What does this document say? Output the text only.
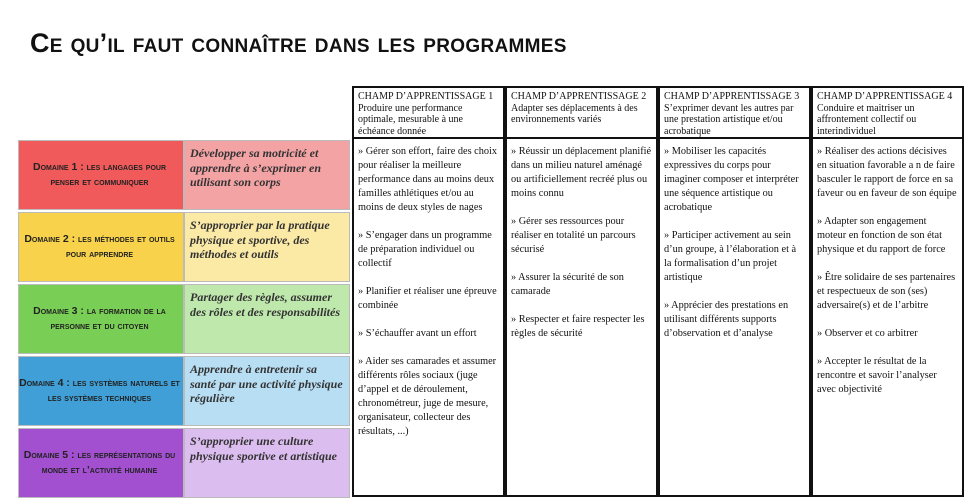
Ce qu’il faut connaître dans les programmes
Domaine 1 : les langages pour penser et communiquer
Développer sa motricité et apprendre à s’exprimer en utilisant son corps
Domaine 2 : les méthodes et outils pour apprendre
S’approprier par la pratique physique et sportive, des méthodes et outils
Domaine 3 : la formation de la personne et du citoyen
Partager des règles, assumer des rôles et des responsabilités
Domaine 4 : les systèmes naturels et les systèmes techniques
Apprendre à entretenir sa santé par une activité physique régulière
Domaine 5 : les représentations du monde et l’activité humaine
S’approprier une culture physique sportive et artistique
CHAMP D’APPRENTISSAGE 1
Produire une performance optimale, mesurable à une échéance donnée

» Gérer son effort, faire des choix pour réaliser la meilleure performance dans au moins deux familles athlétiques et/ou au moins de deux styles de nages

» S’engager dans un programme de préparation individuel ou collectif

» Planifier et réaliser une épreuve combinée

» S’échauffer avant un effort

» Aider ses camarades et assumer différents rôles sociaux (juge d’appel et de déroulement, chronométreur, juge de mesure, organisateur, collecteur des résultats, ...)

CHAMP D’APPRENTISSAGE 2
Adapter ses déplacements à des environnements variés

» Réussir un déplacement planifié dans un milieu naturel aménagé ou artificiellement recréé plus ou moins connu

» Gérer ses ressources pour réaliser en totalité un parcours sécurisé

» Assurer la sécurité de son camarade

» Respecter et faire respecter les règles de sécurité

CHAMP D’APPRENTISSAGE 3
S’exprimer devant les autres par une prestation artistique et/ou acrobatique

» Mobiliser les capacités expressives du corps pour imaginer composer et interpréter une séquence artistique ou acrobatique

» Participer activement au sein d’un groupe, à l’élaboration et à la formalisation d’un projet artistique

» Apprécier des prestations en utilisant différents supports d’observation et d’analyse

CHAMP D’APPRENTISSAGE 4
Conduire et maitriser un affrontement collectif ou interindividuel

» Réaliser des actions décisives en situation favorable a n de faire basculer le rapport de force en sa faveur ou en faveur de son équipe

» Adapter son engagement moteur en fonction de son état physique et du rapport de force

» Être solidaire de ses partenaires et respectueux de son (ses) adversaire(s) et de l’arbitre

» Observer et co arbitrer

» Accepter le résultat de la rencontre et savoir l’analyser avec objectivité
